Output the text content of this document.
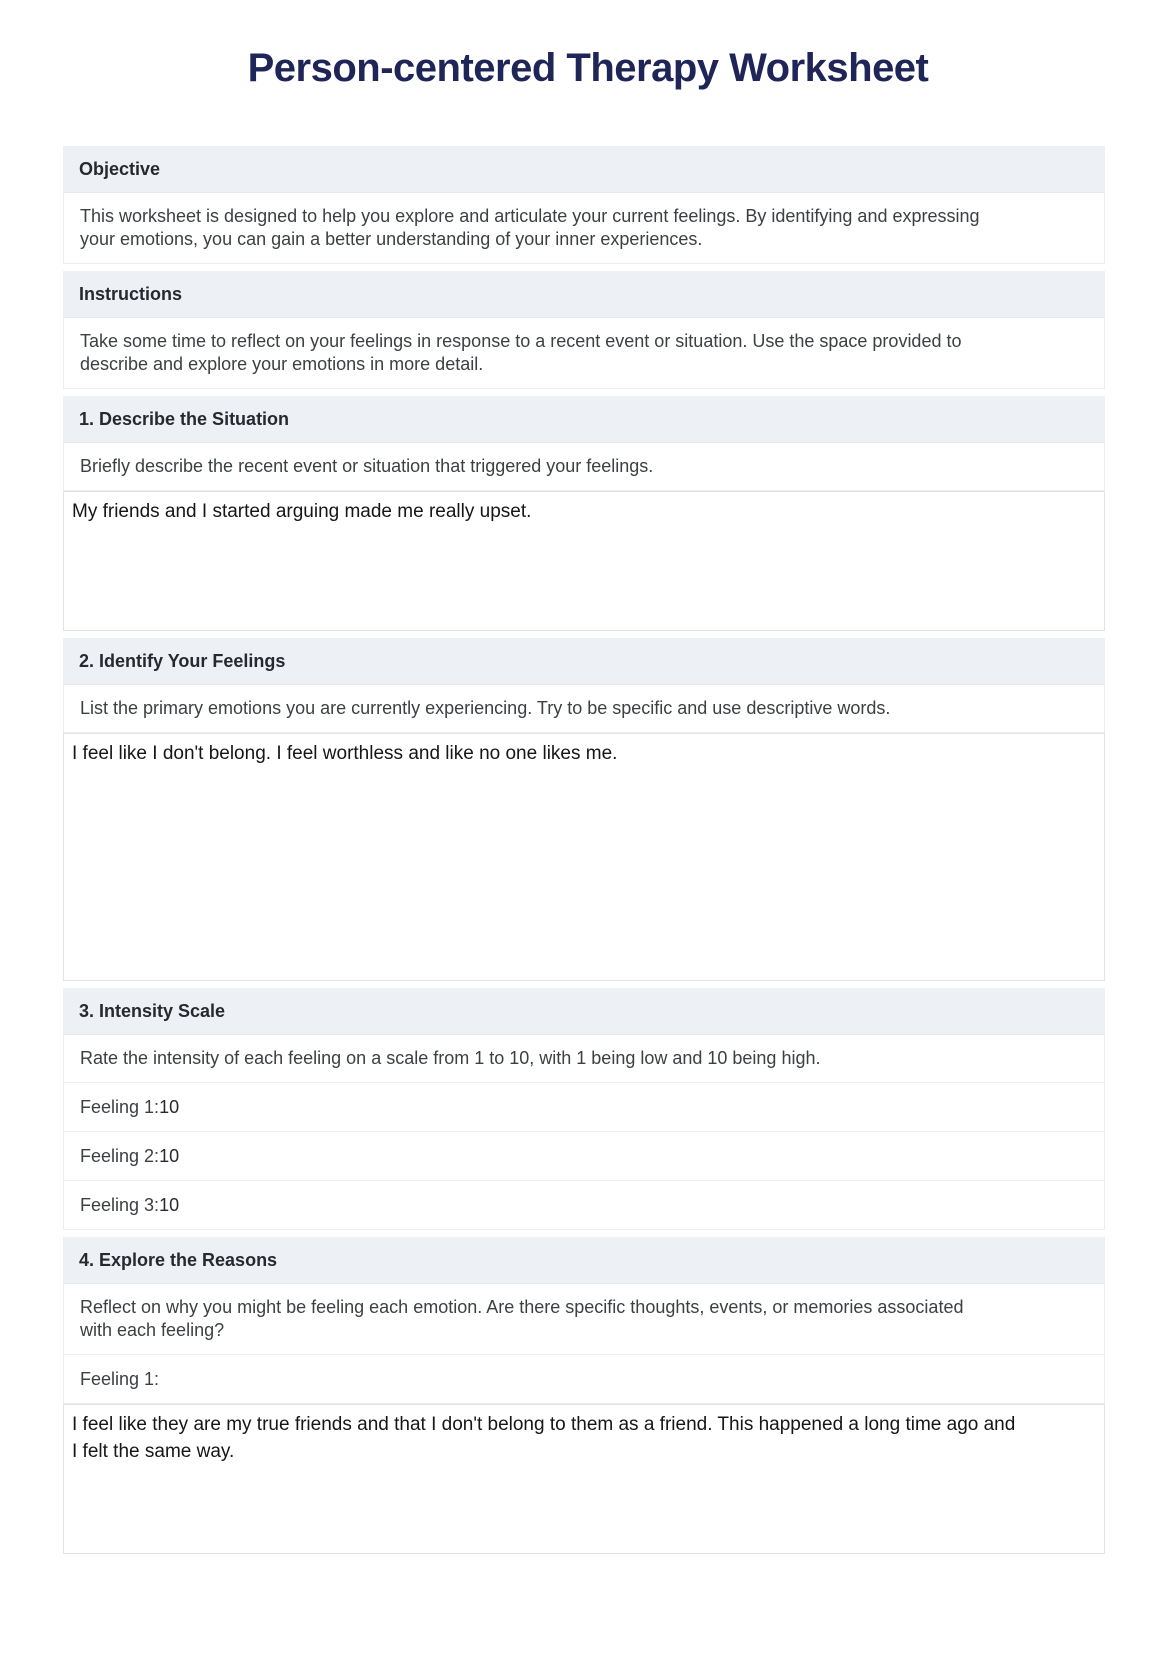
Person-centered Therapy Worksheet
Objective

This worksheet is designed to help you explore and articulate your current feelings. By identifying and expressing your emotions, you can gain a better understanding of your inner experiences.

Instructions

Take some time to reflect on your feelings in response to a recent event or situation. Use the space provided to describe and explore your emotions in more detail.

1. Describe the Situation

Briefly describe the recent event or situation that triggered your feelings.

My friends and I started arguing made me really upset.
2. Identify Your Feelings

List the primary emotions you are currently experiencing. Try to be specific and use descriptive words.

I feel like I don't belong. I feel worthless and like no one likes me.
3. Intensity Scale

Rate the intensity of each feeling on a scale from 1 to 10, with 1 being low and 10 being high.

Feeling 1:10
Feeling 2:10
Feeling 3:10
4. Explore the Reasons

Reflect on why you might be feeling each emotion. Are there specific thoughts, events, or memories associated with each feeling?

Feeling 1:
I feel like they are my true friends and that I don't belong to them as a friend. This happened a long time ago and I felt the same way.
